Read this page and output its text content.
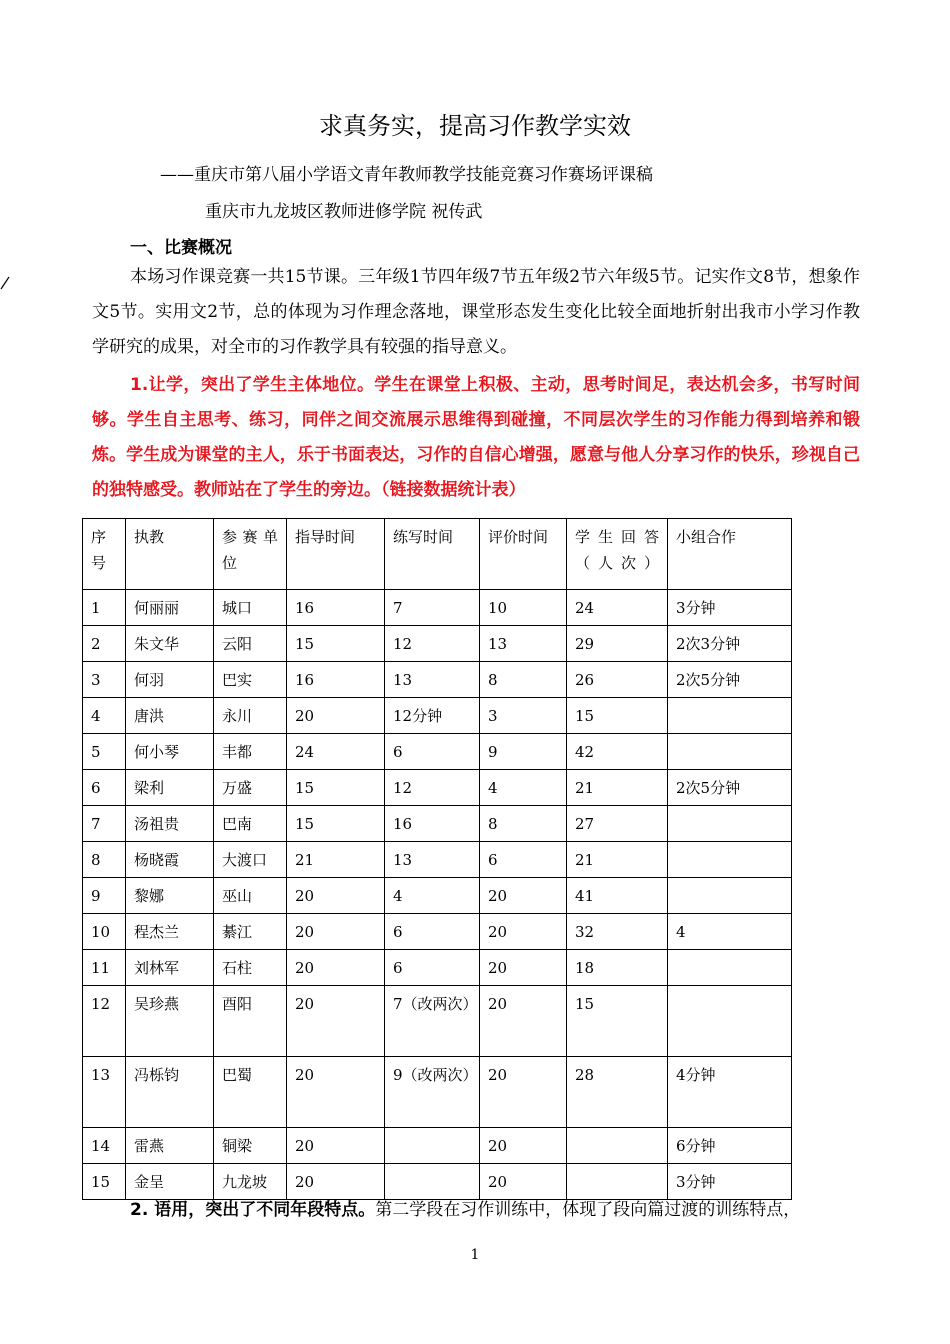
求真务实，提高习作教学实效
——重庆市第八届小学语文青年教师教学技能竞赛习作赛场评课稿
重庆市九龙坡区教师进修学院 祝传武
一、比赛概况

本场习作课竞赛一共15节课。三年级1节四年级7节五年级2节六年级5节。记实作文8节，想象作文5节。实用文2节，总的体现为习作理念落地，课堂形态发生变化比较全面地折射出我市小学习作教学研究的成果，对全市的习作教学具有较强的指导意义。

1.让学，突出了学生主体地位。学生在课堂上积极、主动，思考时间足，表达机会多，书写时间够。学生自主思考、练习，同伴之间交流展示思维得到碰撞，不同层次学生的习作能力得到培养和锻炼。学生成为课堂的主人，乐于书面表达，习作的自信心增强，愿意与他人分享习作的快乐，珍视自己的独特感受。教师站在了学生的旁边。（链接数据统计表）

序号	执教	参赛单位	指导时间	练写时间	评价时间	学生回答（人次）	小组合作
1	何丽丽	城口	16	7	10	24	3分钟
2	朱文华	云阳	15	12	13	29	2次3分钟
3	何羽	巴实	16	13	8	26	2次5分钟
4	唐洪	永川	20	12分钟	3	15	
5	何小琴	丰都	24	6	9	42	
6	梁利	万盛	15	12	4	21	2次5分钟
7	汤祖贵	巴南	15	16	8	27	
8	杨晓霞	大渡口	21	13	6	21	
9	黎娜	巫山	20	4	20	41	
10	程杰兰	綦江	20	6	20	32	4
11	刘林军	石柱	20	6	20	18	
12	吴珍燕	酉阳	20	7（改两次）	20	15	
13	冯栎钧	巴蜀	20	9（改两次）	20	28	4分钟
14	雷燕	铜梁	20		20		6分钟
15	金呈	九龙坡	20		20		3分钟

2. 语用，突出了不同年段特点。第二学段在习作训练中，体现了段向篇过渡的训练特点，

1
